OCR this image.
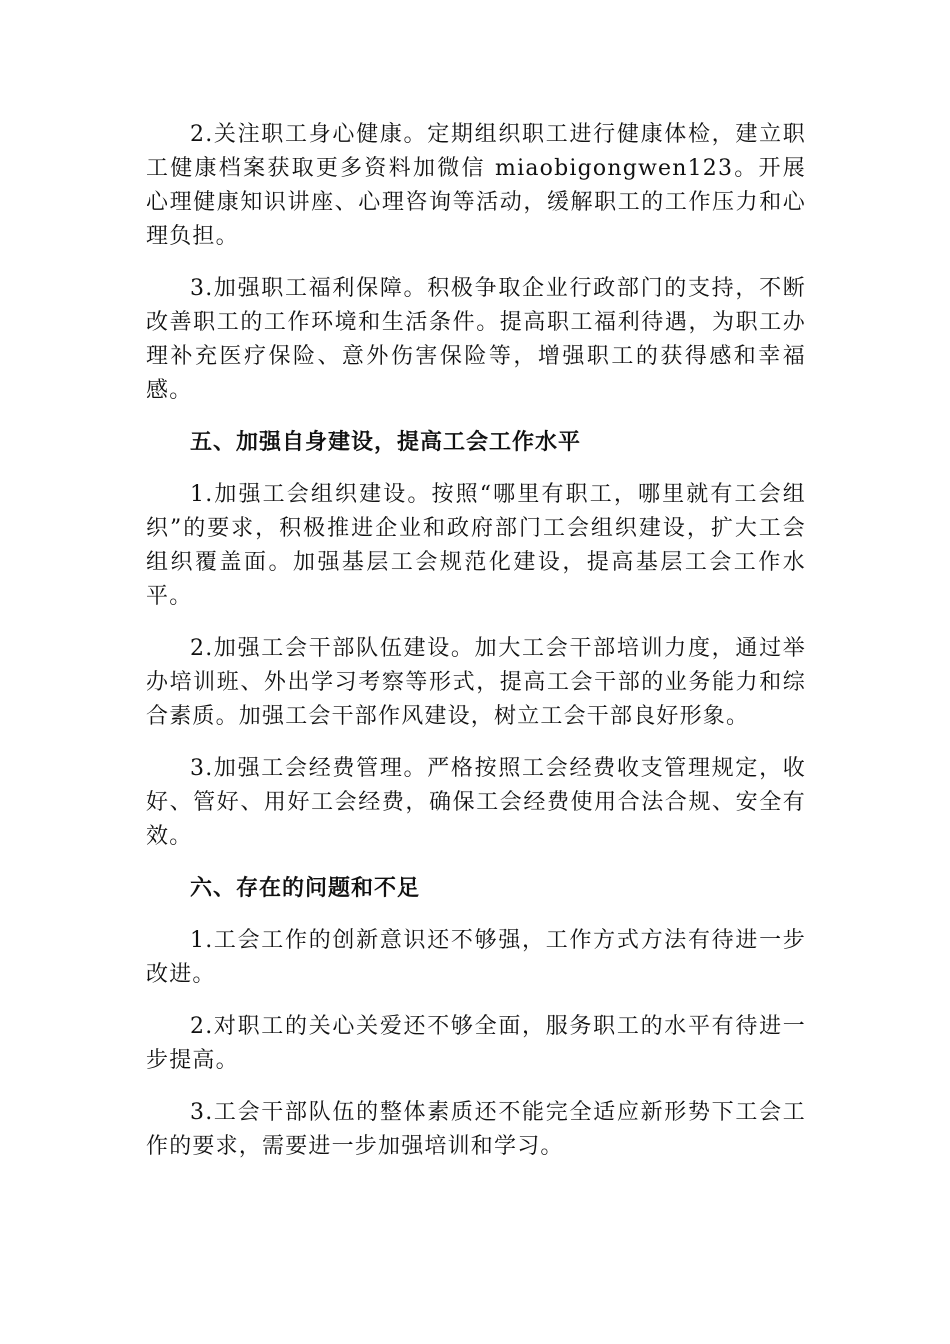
2.关注职工身心健康。定期组织职工进行健康体检，建立职工健康档案获取更多资料加微信 miaobigongwen123。开展心理健康知识讲座、心理咨询等活动，缓解职工的工作压力和心理负担。

3.加强职工福利保障。积极争取企业行政部门的支持，不断改善职工的工作环境和生活条件。提高职工福利待遇，为职工办理补充医疗保险、意外伤害保险等，增强职工的获得感和幸福感。

五、加强自身建设，提高工会工作水平

1.加强工会组织建设。按照“哪里有职工，哪里就有工会组织”的要求，积极推进企业和政府部门工会组织建设，扩大工会组织覆盖面。加强基层工会规范化建设，提高基层工会工作水平。

2.加强工会干部队伍建设。加大工会干部培训力度，通过举办培训班、外出学习考察等形式，提高工会干部的业务能力和综合素质。加强工会干部作风建设，树立工会干部良好形象。

3.加强工会经费管理。严格按照工会经费收支管理规定，收好、管好、用好工会经费，确保工会经费使用合法合规、安全有效。

六、存在的问题和不足

1.工会工作的创新意识还不够强，工作方式方法有待进一步改进。

2.对职工的关心关爱还不够全面，服务职工的水平有待进一步提高。

3.工会干部队伍的整体素质还不能完全适应新形势下工会工作的要求，需要进一步加强培训和学习。
